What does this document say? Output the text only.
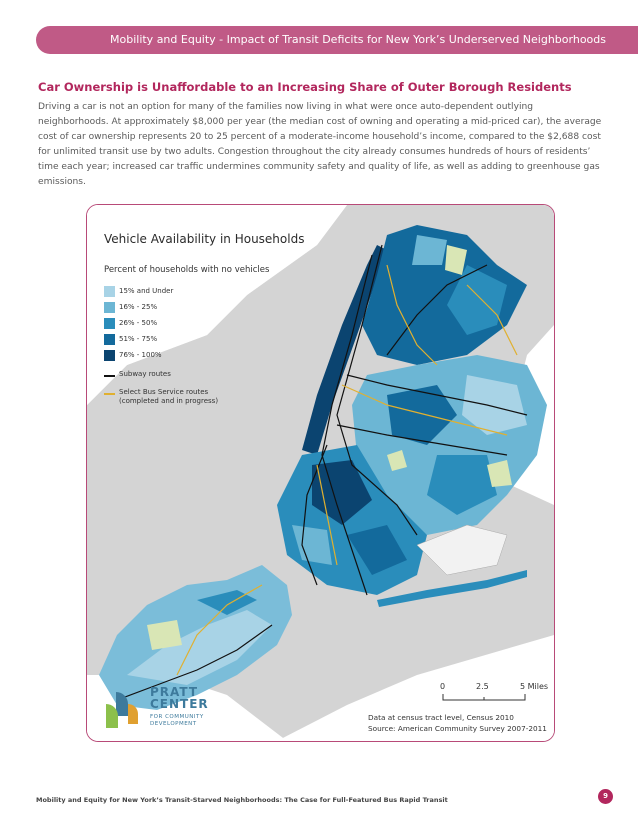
Mobility and Equity - Impact of Transit Deficits for New York’s Underserved Neighborhoods
Car Ownership is Unaffordable to an Increasing Share of Outer Borough Residents
Driving a car is not an option for many of the families now living in what were once auto-dependent outlying neighborhoods. At approximately $8,000 per year (the median cost of owning and operating a mid-priced car), the average cost of car ownership represents 20 to 25 percent of a moderate-income household’s income, compared to the $2,688 cost for unlimited transit use by two adults. Congestion throughout the city already consumes hundreds of hours of residents’ time each year; increased car traffic undermines community safety and quality of life, as well as adding to greenhouse gas emissions.
Vehicle Availability in Households
Percent of households with no vehicles
15% and Under
16% - 25%
26% - 50%
51% - 75%
76% - 100%
Subway routes
Select Bus Service routes (completed and in progress)
0	2.5	5 Miles
Data at census tract level, Census 2010
Source: American Community Survey 2007-2011
PRATT
CENTER
FOR COMMUNITY
DEVELOPMENT
Mobility and Equity for New York’s Transit-Starved Neighborhoods: The Case for Full-Featured Bus Rapid Transit	9
